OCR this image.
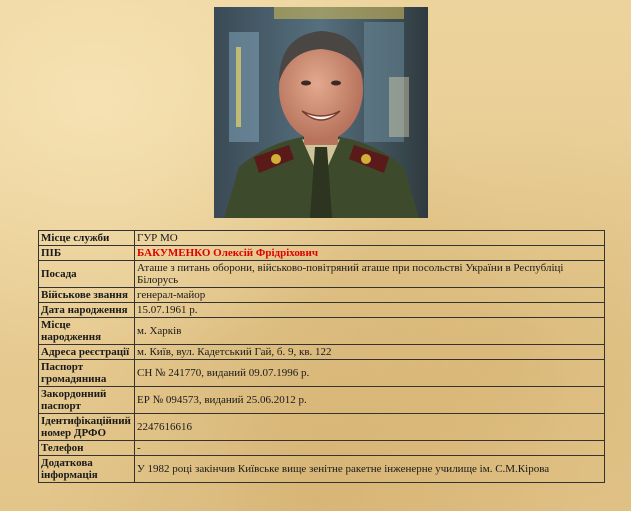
Місце служби	ГУР МО
ПІБ	БАКУМЕНКО Олексій Фрідріхович
Посада	Аташе з питань оборони, військово-повітряний аташе при посольстві України в Республіці Білорусь
Військове звання	генерал-майор
Дата народження	15.07.1961 р.
Місце народження	м. Харків
Адреса реєстрації	м. Київ, вул. Кадетський Гай, б. 9, кв. 122
Паспорт громадянина	СН № 241770, виданий 09.07.1996 р.
Закордонний паспорт	ЕР № 094573, виданий 25.06.2012 р.
Ідентифікаційний номер ДРФО	2247616616
Телефон	-
Додаткова інформація	У 1982 році закінчив Київське вище зенітне ракетне інженерне училище ім. С.М.Кірова
